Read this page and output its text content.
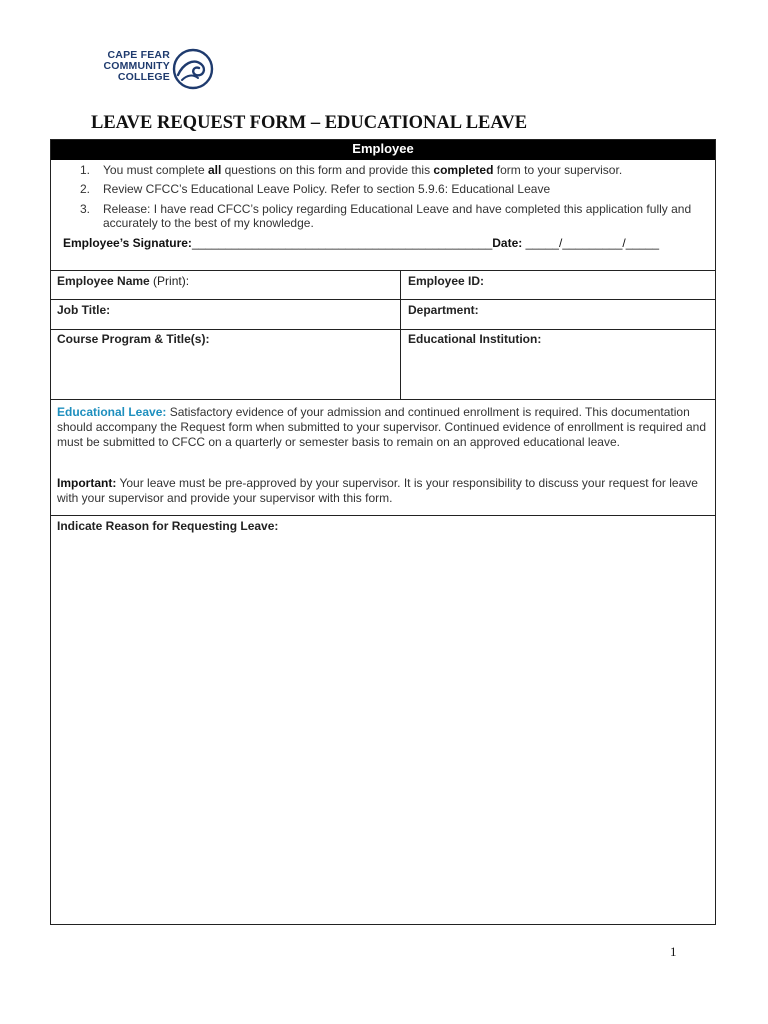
CAPE FEAR
COMMUNITY
COLLEGE
LEAVE REQUEST FORM – EDUCATIONAL LEAVE
Employee
1.	You must complete all questions on this form and provide this completed form to your supervisor.
2.	Review CFCC’s Educational Leave Policy. Refer to section 5.9.6: Educational Leave
3.	Release: I have read CFCC’s policy regarding Educational Leave and have completed this application fully and accurately to the best of my knowledge.
Employee’s Signature:_____________________________________________Date: _____/_________/_____
Employee Name (Print):	Employee ID:
Job Title:	Department:
Course Program & Title(s):	Educational Institution:
Educational Leave: Satisfactory evidence of your admission and continued enrollment is required. This documentation should accompany the Request form when submitted to your supervisor. Continued evidence of enrollment is required and must be submitted to CFCC on a quarterly or semester basis to remain on an approved educational leave.
Important: Your leave must be pre-approved by your supervisor. It is your responsibility to discuss your request for leave with your supervisor and provide your supervisor with this form.
Indicate Reason for Requesting Leave:
1
